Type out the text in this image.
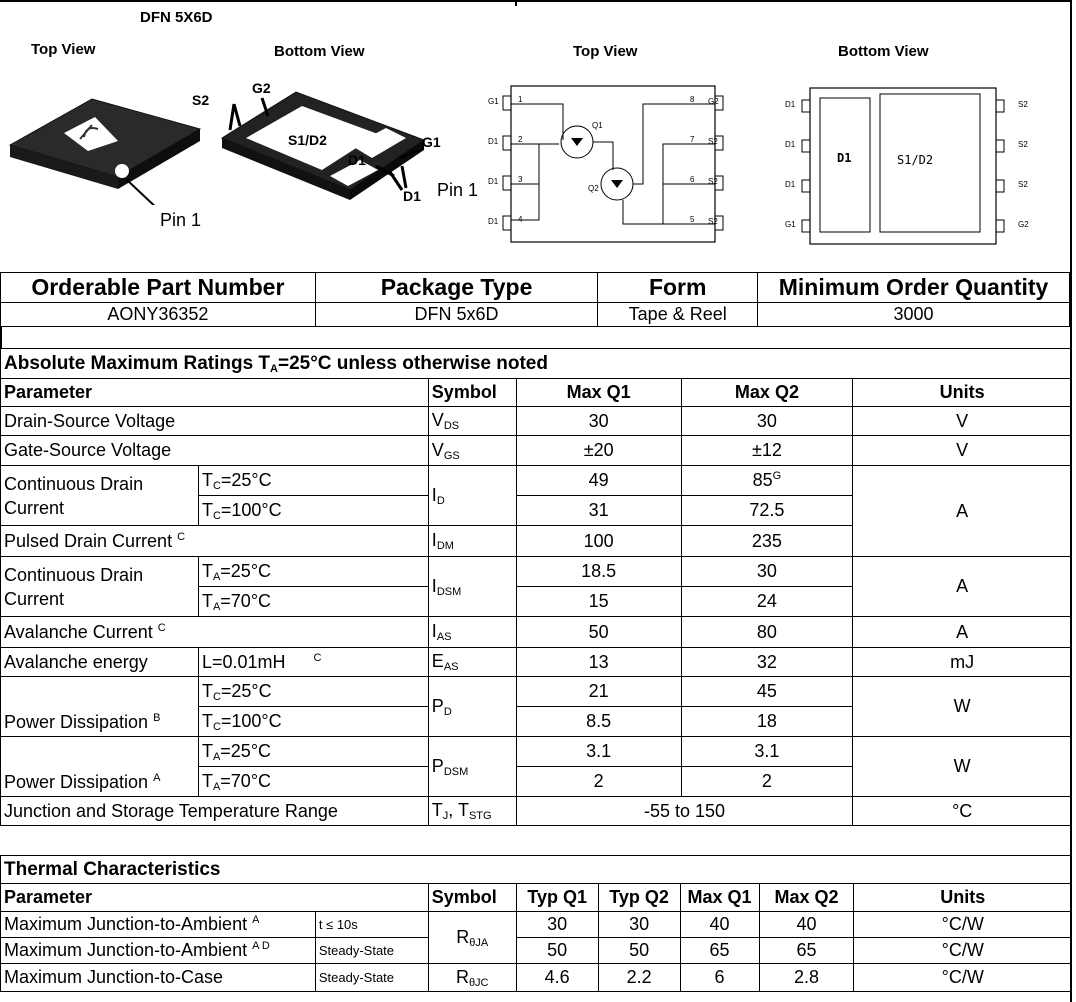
DFN 5X6D
Top View	Bottom View	Top View	Bottom View
Pin 1
S2
G2
S1/D2
D1
D1
G1
Pin 1
G1
D1
D1
D1
1
2
3
4
G2
S2
S2
S2
8
7
6
5
Q1
Q2
D1
D1
D1
G1
S2
S2
S2
G2
D1	S1/D2
Orderable Part Number	Package Type	Form	Minimum Order Quantity
AONY36352	DFN 5x6D	Tape & Reel	3000
Absolute Maximum Ratings $T_A=25^\circ C$ unless otherwise noted					
Parameter		Symbol	Max Q1	Max Q2	Units
Drain-Source Voltage		$V_{DS}$	30	30	V
Gate-Source Voltage		$V_{GS}$	±20	±12	V
Continuous Drain
Current	$T_C=25^\circ C$	$I_D$	49	$85^G$	A
	$T_C=100^\circ C$		31	72.5	
Pulsed Drain Current $^C$		$I_{DM}$	100	235	
Continuous Drain
Current	$T_A=25^\circ C$	$I_{DSM}$	18.5	30	A
	$T_A=70^\circ C$		15	24	
Avalanche Current $^C$		$I_{AS}$	50	80	A
Avalanche energy	L=0.01mH $^C$	$E_{AS}$	13	32	mJ
Power Dissipation $^B$	$T_C=25^\circ C$	$P_D$	21	45	W
	$T_C=100^\circ C$		8.5	18	
Power Dissipation $^A$	$T_A=25^\circ C$	$P_{DSM}$	3.1	3.1	W
	$T_A=70^\circ C$		2	2	
Junction and Storage Temperature Range		$T_J$, $T_{STG}$	-55 to 150		°C
Thermal Characteristics							
Parameter		Symbol	Typ Q1	Typ Q2	Max Q1	Max Q2	Units
Maximum Junction-to-Ambient $^A$	t ≤ 10s	$R_{\theta JA}$	30	30	40	40	°C/W
Maximum Junction-to-Ambient $^{A D}$	Steady-State		50	50	65	65	°C/W
Maximum Junction-to-Case	Steady-State	$R_{\theta JC}$	4.6	2.2	6	2.8	°C/W
